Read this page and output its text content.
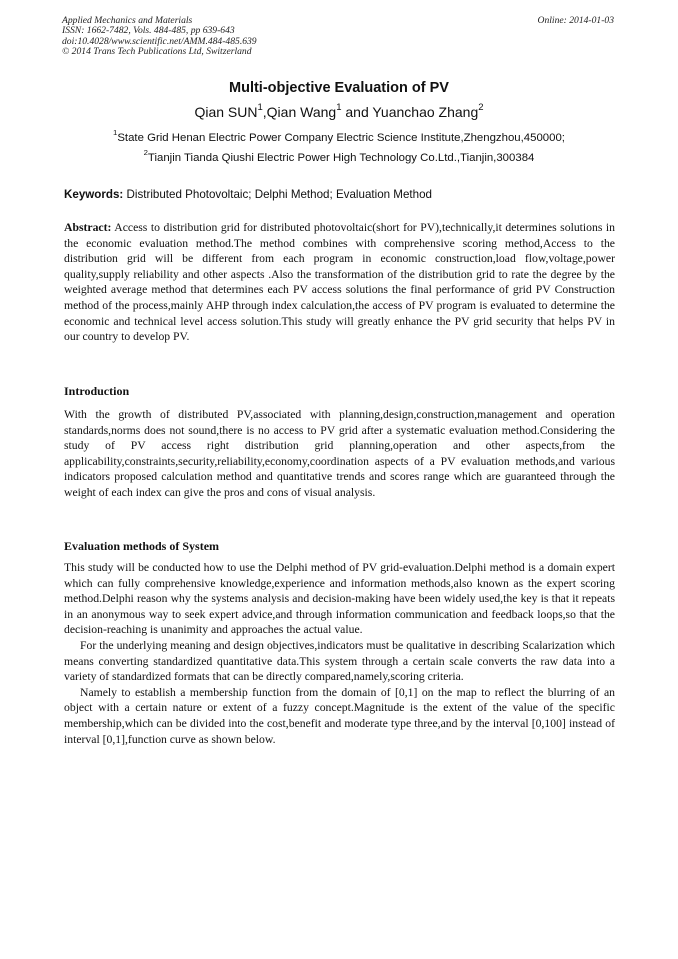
Applied Mechanics and Materials
ISSN: 1662-7482, Vols. 484-485, pp 639-643
doi:10.4028/www.scientific.net/AMM.484-485.639
© 2014 Trans Tech Publications Ltd, Switzerland
Online: 2014-01-03
Multi-objective Evaluation of PV
Qian SUN$^1$,Qian Wang$^1$ and Yuanchao Zhang$^2$
$^1$State Grid Henan Electric Power Company Electric Science Institute,Zhengzhou,450000;
$^2$Tianjin Tianda Qiushi Electric Power High Technology Co.Ltd.,Tianjin,300384
Keywords: Distributed Photovoltaic; Delphi Method; Evaluation Method

Abstract: Access to distribution grid for distributed photovoltaic(short for PV),technically,it determines solutions in the economic evaluation method.The method combines with comprehensive scoring method,Access to the distribution grid will be different from each program in economic construction,load flow,voltage,power quality,supply reliability and other aspects .Also the transformation of the distribution grid to rate the degree by the weighted average method that determines each PV access solutions the final performance of grid PV Construction method of the process,mainly AHP through index calculation,the access of PV program is evaluated to determine the economic and technical level access solution.This study will greatly enhance the PV grid security that helps PV in our country to develop PV.

Introduction

With the growth of distributed PV,associated with planning,design,construction,management and operation standards,norms does not sound,there is no access to PV grid after a systematic evaluation method.Considering the study of PV access right distribution grid planning,operation and other aspects,from the applicability,constraints,security,reliability,economy,coordination aspects of a PV evaluation methods,and various indicators proposed calculation method and quantitative trends and scores range which are guaranteed through the weight of each index can give the pros and cons of visual analysis.

Evaluation methods of System

This study will be conducted how to use the Delphi method of PV grid-evaluation.Delphi method is a domain expert which can fully comprehensive knowledge,experience and information methods,also known as the expert scoring method.Delphi reason why the systems analysis and decision-making have been widely used,the key is that it repeats in an anonymous way to seek expert advice,and through information communication and feedback loops,so that the decision-reaching is unanimity and approaches the actual value.

For the underlying meaning and design objectives,indicators must be qualitative in describing Scalarization which means converting standardized quantitative data.This system through a certain scale converts the raw data into a variety of standardized formats that can be directly compared,namely,scoring criteria.

Namely to establish a membership function from the domain of [0,1] on the map to reflect the blurring of an object with a certain nature or extent of a fuzzy concept.Magnitude is the extent of the value of the specific membership,which can be divided into the cost,benefit and moderate type three,and by the interval [0,100] instead of interval [0,1],function curve as shown below.
